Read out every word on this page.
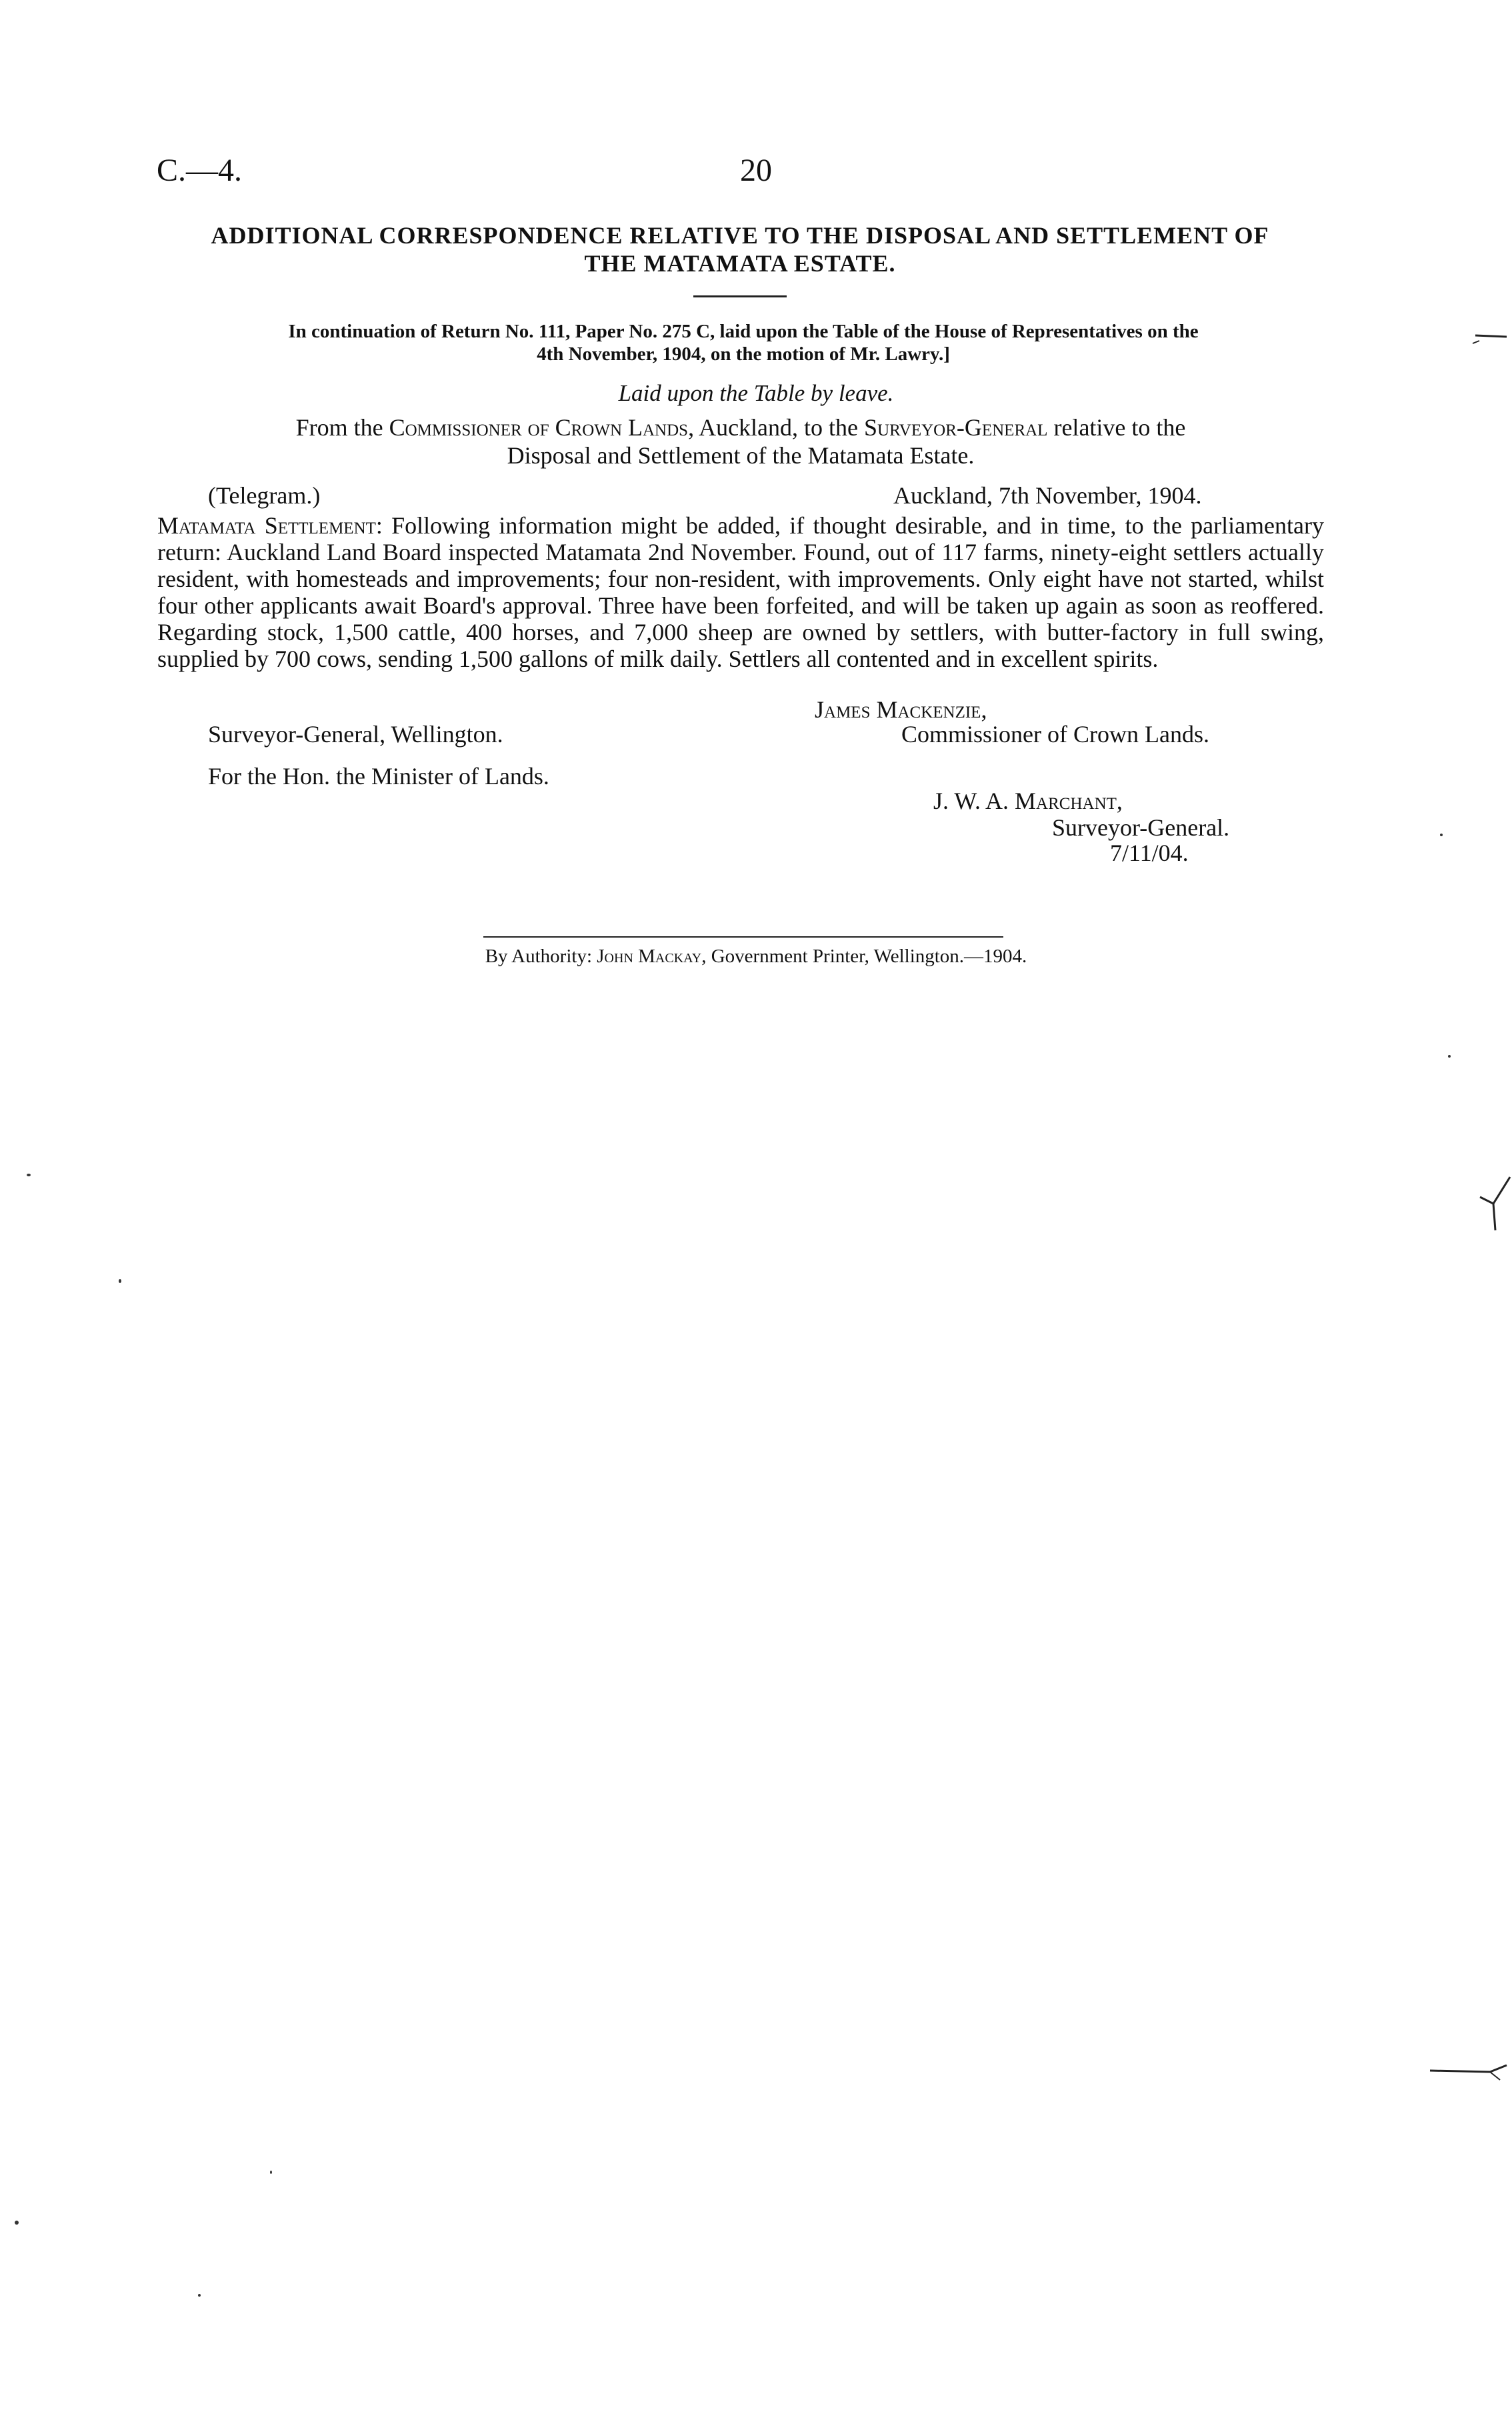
C.—4.	20
ADDITIONAL CORRESPONDENCE RELATIVE TO THE DISPOSAL AND SETTLEMENT OF
THE MATAMATA ESTATE.
In continuation of Return No. 111, Paper No. 275 C, laid upon the Table of the House of Representatives on the
4th November, 1904, on the motion of Mr. Lawry.]
Laid upon the Table by leave.
From the Commissioner of Crown Lands, Auckland, to the Surveyor-General relative to the
Disposal and Settlement of the Matamata Estate.
(Telegram.)	Auckland, 7th November, 1904.
Matamata Settlement: Following information might be added, if thought desirable, and in time, to the parliamentary return: Auckland Land Board inspected Matamata 2nd November. Found, out of 117 farms, ninety-eight settlers actually resident, with homesteads and improvements; four non-resident, with improvements. Only eight have not started, whilst four other applicants await Board's approval. Three have been forfeited, and will be taken up again as soon as reoffered. Regarding stock, 1,500 cattle, 400 horses, and 7,000 sheep are owned by settlers, with butter-factory in full swing, supplied by 700 cows, sending 1,500 gallons of milk daily. Settlers all contented and in excellent spirits.
James Mackenzie,
Surveyor-General, Wellington.	Commissioner of Crown Lands.
For the Hon. the Minister of Lands.
J. W. A. Marchant,
Surveyor-General.
7/11/04.
By Authority: John Mackay, Government Printer, Wellington.—1904.
